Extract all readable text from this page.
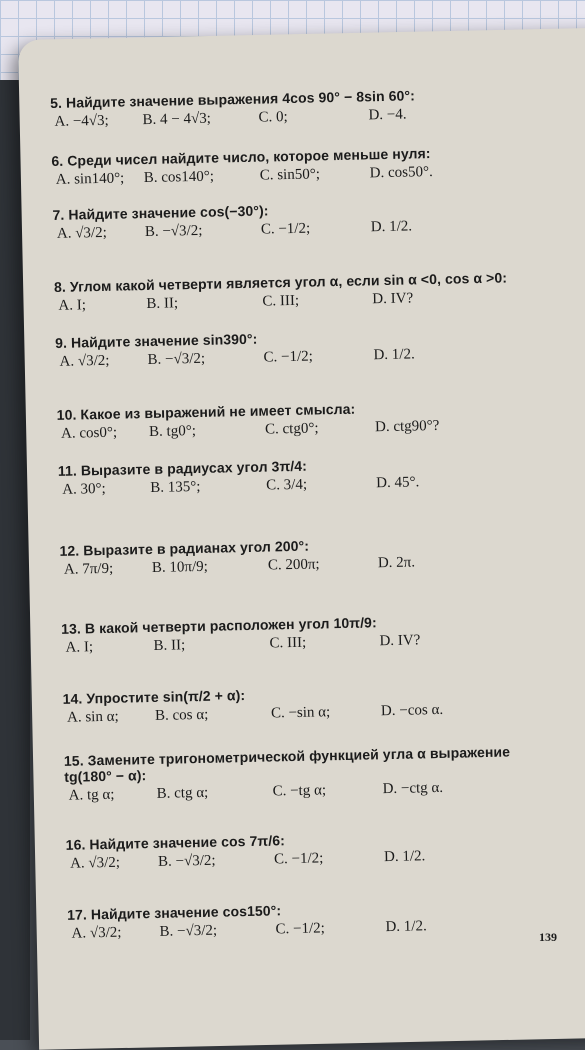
5. Найдите значение выражения 4cos 90° − 8sin 60°:
A. −4√3; B. 4 − 4√3;	C. 0;	D. −4.
6. Среди чисел найдите число, которое меньше нуля:
A. sin140°; B. cos140°;	C. sin50°;	D. cos50°.
7. Найдите значение cos(−30°):
A. √3/2;	B. −√3/2;	C. −1/2;	D. 1/2.
8. Углом какой четверти является угол α, если sin α <0, cos α >0:
A. I;	B. II;	C. III;	D. IV?
9. Найдите значение sin390°:
A. √3/2;	B. −√3/2;	C. −1/2;	D. 1/2.
10. Какое из выражений не имеет смысла:
A. cos0°; B. tg0°;	C. ctg0°;	D. ctg90°?
11. Выразите в радиусах угол 3π/4:
A. 30°;	B. 135°;	C. 3/4;	D. 45°.
12. Выразите в радианах угол 200°:
A. 7π/9;	B. 10π/9;	C. 200π;	D. 2π.
13. В какой четверти расположен угол 10π/9:
A. I;	B. II;	C. III;	D. IV?
14. Упростите sin(π/2 + α):
A. sin α; B. cos α;	C. −sin α;	D. −cos α.
15. Замените тригонометрической функцией угла α выражение tg(180° − α):
A. tg α;	B. ctg α;	C. −tg α;	D. −ctg α.
16. Найдите значение cos 7π/6:
A. √3/2;	B. −√3/2;	C. −1/2;	D. 1/2.
17. Найдите значение cos150°:
A. √3/2;	B. −√3/2;	C. −1/2;	D. 1/2.
139
